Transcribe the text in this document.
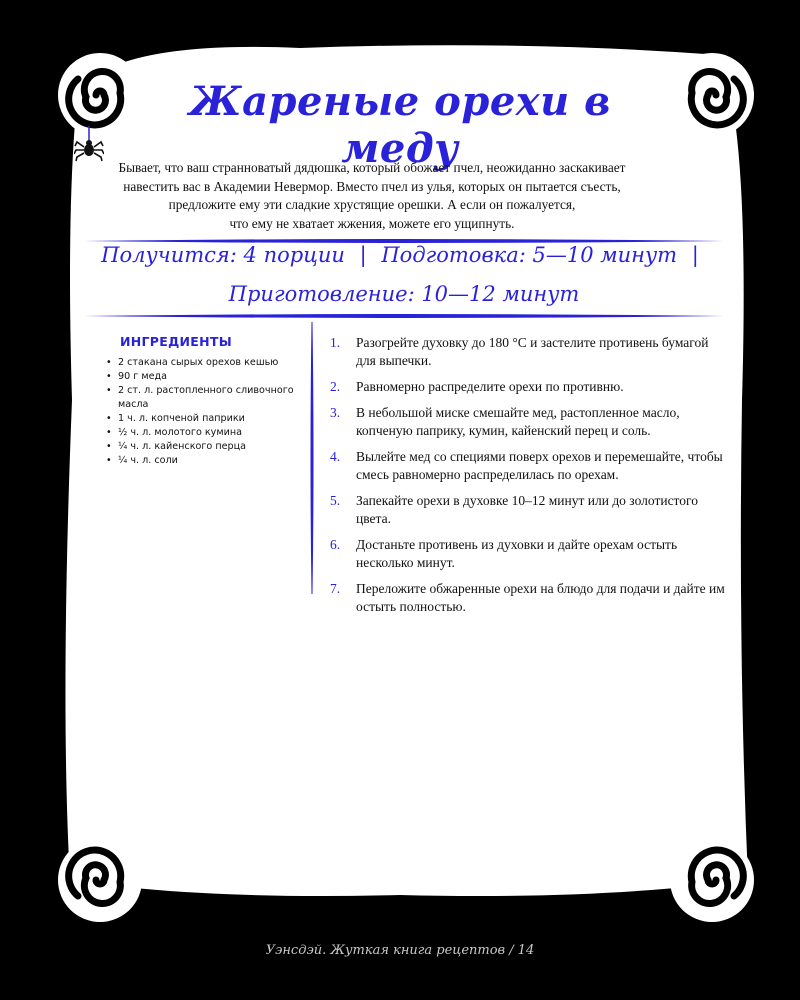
Жареные орехи в меду

Бывает, что ваш странноватый дядюшка, который обожает пчел, неожиданно заскакивает
навестить вас в Академии Невермор. Вместо пчел из улья, которых он пытается съесть,
предложите ему эти сладкие хрустящие орешки. А если он пожалуется,
что ему не хватает жжения, можете его ущипнуть.

Получится: 4 порции | Подготовка: 5—10 минут |
Приготовление: 10—12 минут
ИНГРЕДИЕНТЫ
• 2 стакана сырых орехов кешью
• 90 г меда
• 2 ст. л. растопленного сливочного масла
• 1 ч. л. копченой паприки
• ½ ч. л. молотого кумина
• ¼ ч. л. кайенского перца
• ¼ ч. л. соли
1. Разогрейте духовку до 180 °C и застелите противень бумагой для выпечки.
2. Равномерно распределите орехи по противню.
3. В небольшой миске смешайте мед, растопленное масло, копченую паприку, кумин, кайенский перец и соль.
4. Вылейте мед со специями поверх орехов и перемешайте, чтобы смесь равномерно распределилась по орехам.
5. Запекайте орехи в духовке 10–12 минут или до золотистого цвета.
6. Достаньте противень из духовки и дайте орехам остыть несколько минут.
7. Переложите обжаренные орехи на блюдо для подачи и дайте им остыть полностью.
Уэнсдэй. Жуткая книга рецептов / 14
